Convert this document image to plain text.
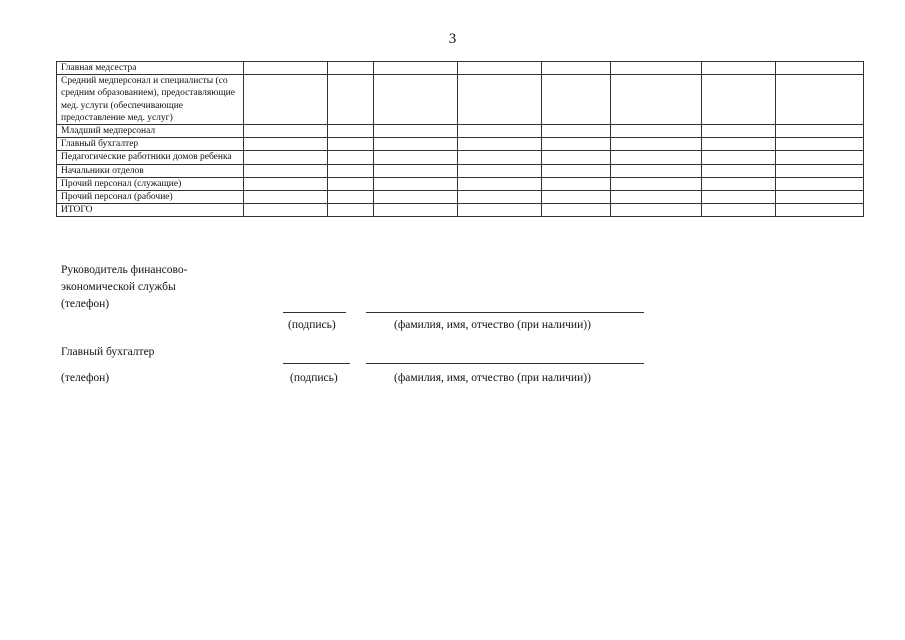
3
Главная медсестра								
Средний медперсонал и специалисты (со средним образованием), предоставляющие мед. услуги (обеспечивающие предоставление мед. услуг)								
Младший медперсонал								
Главный бухгалтер								
Педагогические работники домов ребенка								
Начальники отделов								
Прочий персонал (служащие)								
Прочий персонал (рабочие)								
ИТОГО								
Руководитель финансово-экономической службы
(телефон)
(подпись)	(фамилия, имя, отчество (при наличии))
Главный бухгалтер
(телефон)	(подпись)	(фамилия, имя, отчество (при наличии))
